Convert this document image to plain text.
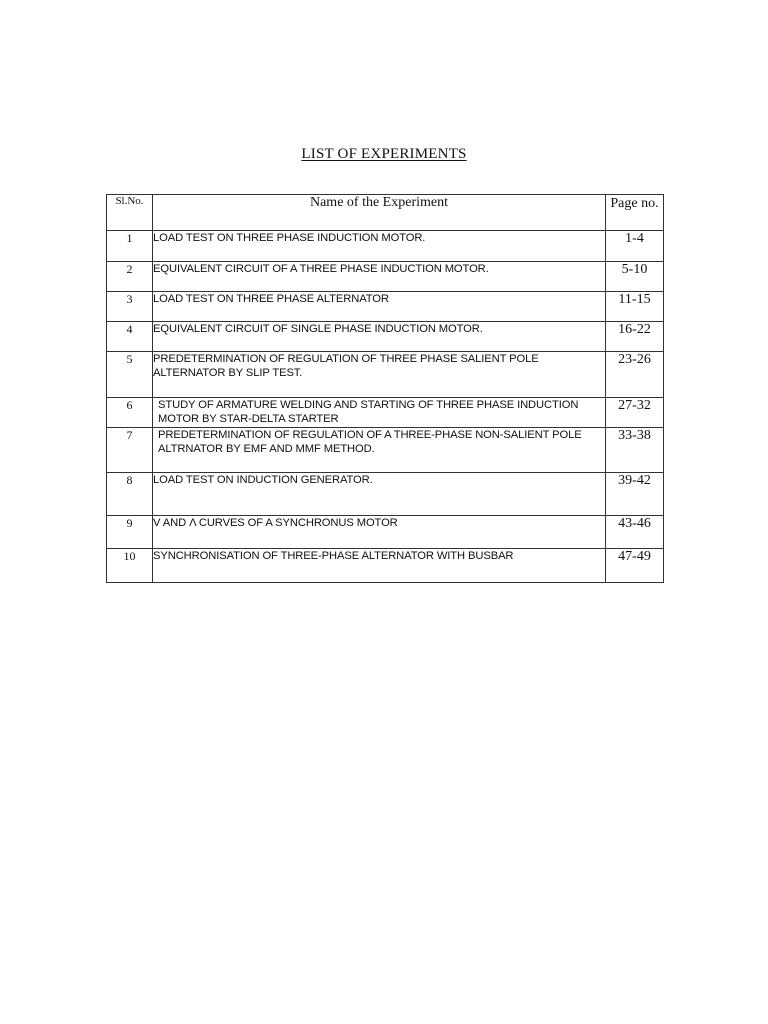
LIST OF EXPERIMENTS
Sl.No.	Name of the Experiment	Page no.
1	LOAD TEST ON THREE PHASE INDUCTION MOTOR.	1-4
2	EQUIVALENT CIRCUIT OF A THREE PHASE INDUCTION MOTOR.	5-10
3	LOAD TEST ON THREE PHASE ALTERNATOR	11-15
4	EQUIVALENT CIRCUIT OF SINGLE PHASE INDUCTION MOTOR.	16-22
5	PREDETERMINATION OF REGULATION OF THREE PHASE SALIENT POLE ALTERNATOR BY SLIP TEST.	23-26
6	STUDY OF ARMATURE WELDING AND STARTING OF THREE PHASE INDUCTION MOTOR BY STAR-DELTA STARTER	27-32
7	PREDETERMINATION OF REGULATION OF A THREE-PHASE NON-SALIENT POLE ALTRNATOR BY EMF AND MMF METHOD.	33-38
8	LOAD TEST ON INDUCTION GENERATOR.	39-42
9	V AND Λ CURVES OF A SYNCHRONUS MOTOR	43-46
10	SYNCHRONISATION OF THREE-PHASE ALTERNATOR WITH BUSBAR	47-49
